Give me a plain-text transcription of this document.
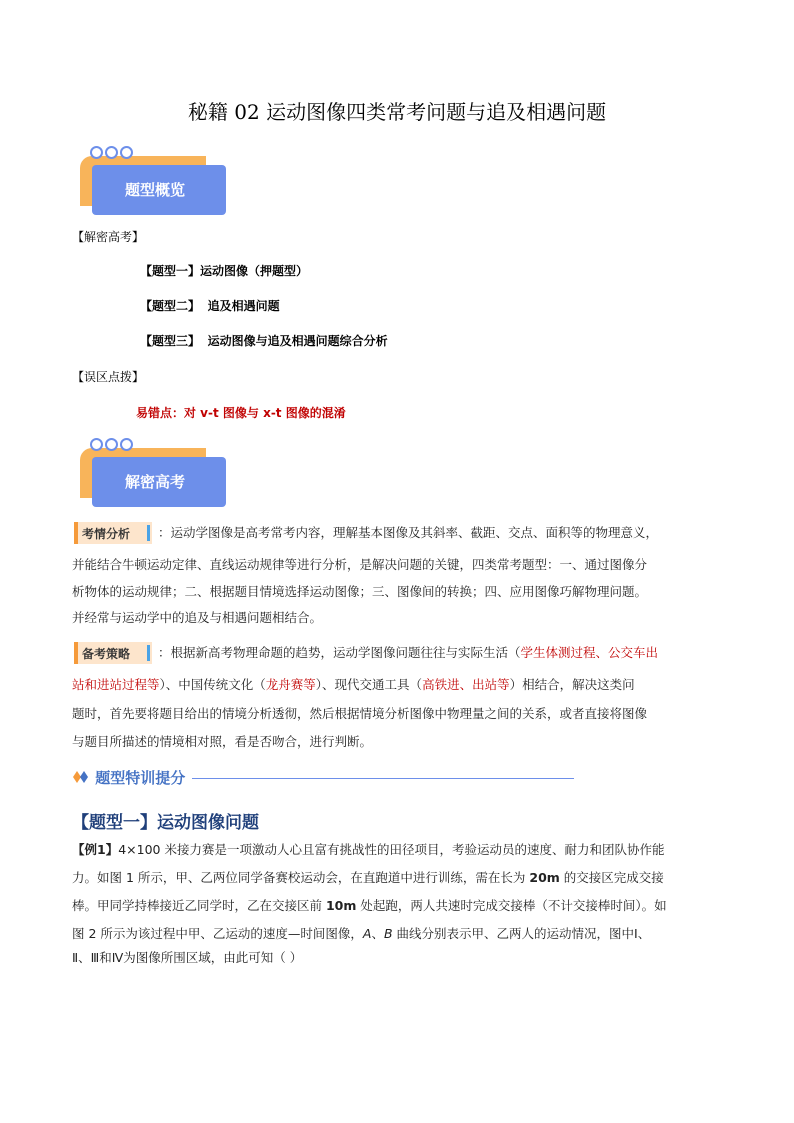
秘籍 02 运动图像四类常考问题与追及相遇问题
题型概览
【解密高考】
【题型一】运动图像（押题型）
【题型二】 追及相遇问题
【题型三】 运动图像与追及相遇问题综合分析
【误区点拨】
易错点：对 v-t 图像与 x-t 图像的混淆
解密高考
考情分析 ：运动学图像是高考常考内容，理解基本图像及其斜率、截距、交点、面积等的物理意义，
并能结合牛顿运动定律、直线运动规律等进行分析，是解决问题的关键，四类常考题型：一、通过图像分
析物体的运动规律；二、根据题目情境选择运动图像；三、图像间的转换；四、应用图像巧解物理问题。
并经常与运动学中的追及与相遇问题相结合。
备考策略 ：根据新高考物理命题的趋势，运动学图像问题往往与实际生活（学生体测过程、公交车出
站和进站过程等）、中国传统文化（龙舟赛等）、现代交通工具（高铁进、出站等）相结合，解决这类问
题时，首先要将题目给出的情境分析透彻，然后根据情境分析图像中物理量之间的关系，或者直接将图像
与题目所描述的情境相对照，看是否吻合，进行判断。
题型特训提分
【题型一】运动图像问题
【例1】4×100 米接力赛是一项激动人心且富有挑战性的田径项目，考验运动员的速度、耐力和团队协作能
力。如图 1 所示，甲、乙两位同学备赛校运动会，在直跑道中进行训练，需在长为 20m 的交接区完成交接
棒。甲同学持棒接近乙同学时，乙在交接区前 10m 处起跑，两人共速时完成交接棒（不计交接棒时间）。如
图 2 所示为该过程中甲、乙运动的速度—时间图像，A、B 曲线分别表示甲、乙两人的运动情况，图中Ⅰ、
Ⅱ、Ⅲ和Ⅳ为图像所围区域，由此可知（ ）
